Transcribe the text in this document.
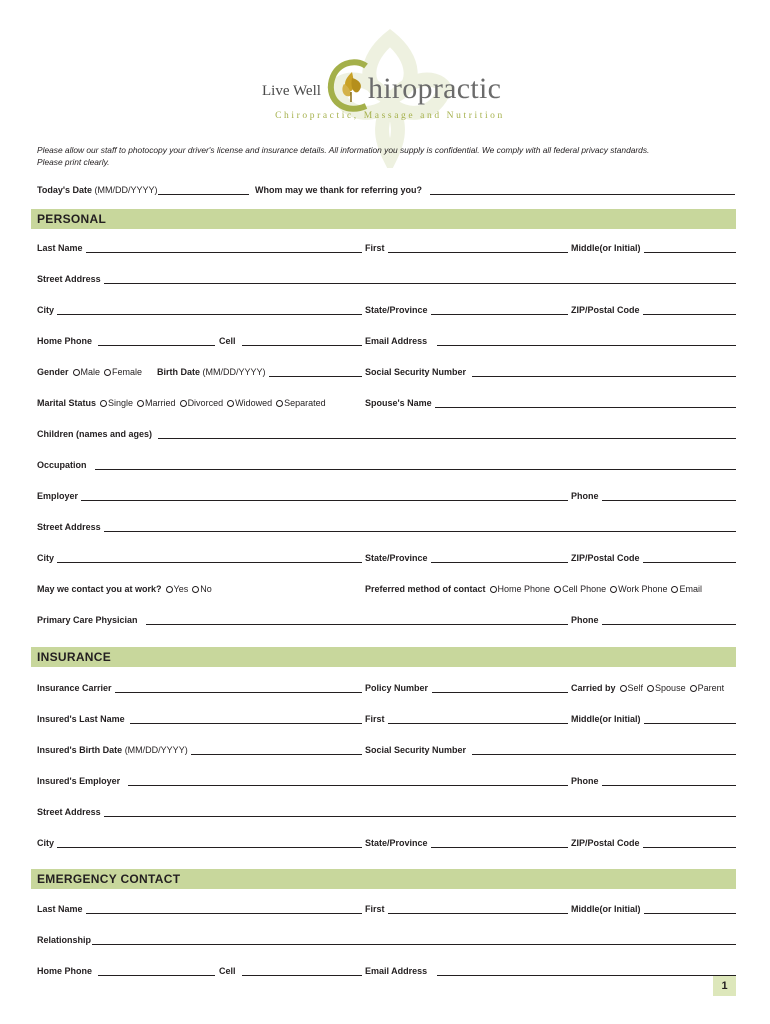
Live Well hiropractic
Chiropractic, Massage and Nutrition
Please allow our staff to photocopy your driver's license and insurance details. All information you supply is confidential. We comply with all federal privacy standards.
Please print clearly.
Today's Date (MM/DD/YYYY)	Whom may we thank for referring you?
PERSONAL
Last Name	First	Middle(or Initial)
Street Address
City	State/Province	ZIP/Postal Code
Home Phone	Cell	Email Address
Gender	Male	Female Birth Date (MM/DD/YYYY)	Social Security Number
Marital Status	Single	Married	Divorced	Widowed	Separated	Spouse's Name
Children (names and ages)
Occupation
Employer	Phone
Street Address
City	State/Province	ZIP/Postal Code
May we contact you at work?	Yes	No	Preferred method of contact	Home Phone	Cell Phone	Work Phone	Email
Primary Care Physician	Phone
INSURANCE
Insurance Carrier	Policy Number	Carried by	Self	Spouse	Parent
Insured's Last Name	First	Middle(or Initial)
Insured's Birth Date (MM/DD/YYYY)	Social Security Number
Insured's Employer	Phone
Street Address
City	State/Province	ZIP/Postal Code
EMERGENCY CONTACT
Last Name	First	Middle(or Initial)
Relationship
Home Phone	Cell	Email Address
1
